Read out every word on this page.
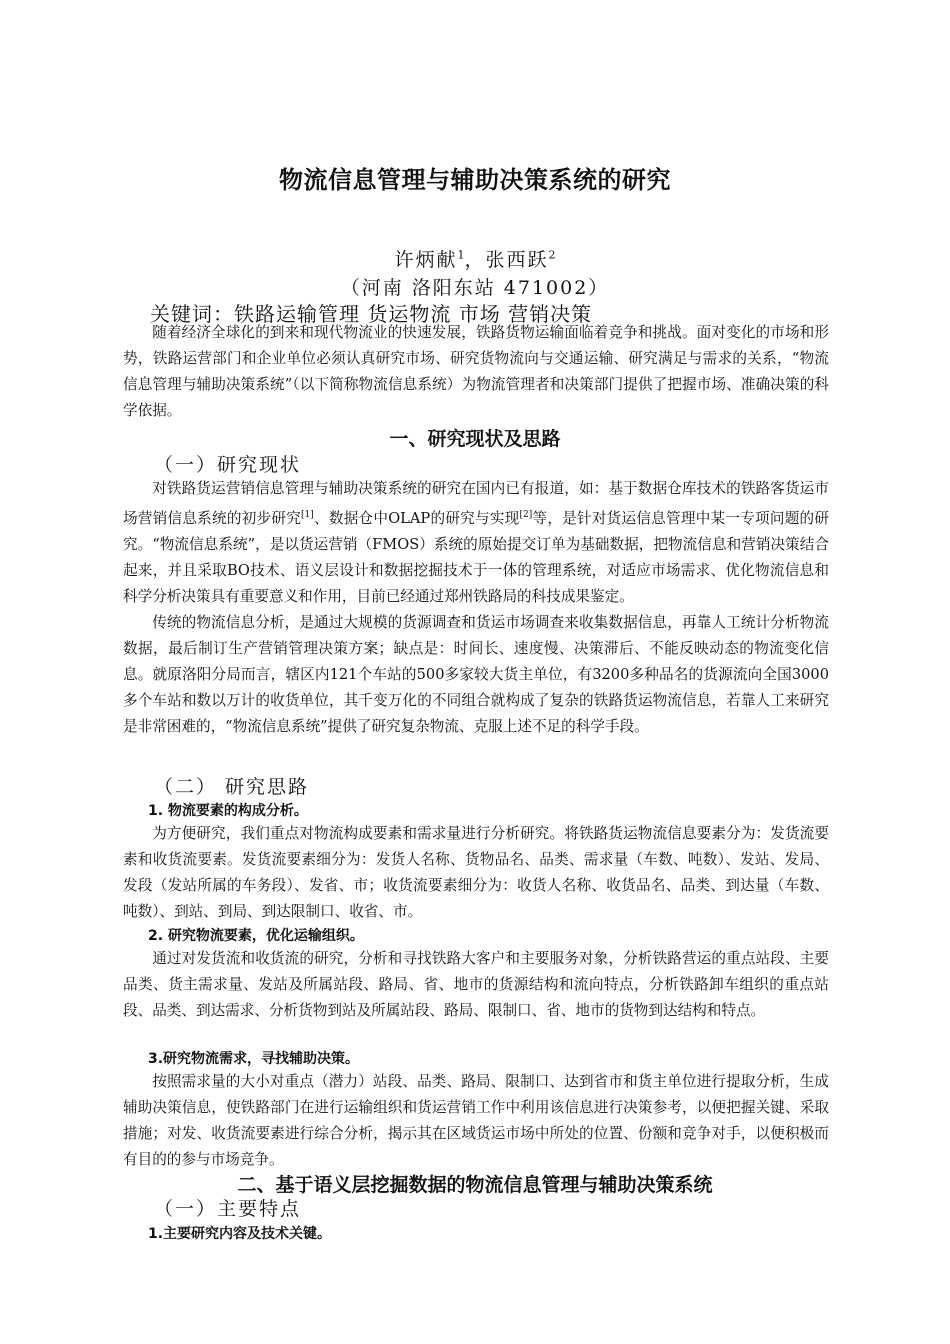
物流信息管理与辅助决策系统的研究
许炳献$^1$，张西跃$^2$
（河南 洛阳东站 471002）
关键词：铁路运输管理 货运物流 市场 营销决策

随着经济全球化的到来和现代物流业的快速发展，铁路货物运输面临着竞争和挑战。面对变化的市场和形势，铁路运营部门和企业单位必须认真研究市场、研究货物流向与交通运输、研究满足与需求的关系，“物流信息管理与辅助决策系统”（以下简称物流信息系统）为物流管理者和决策部门提供了把握市场、准确决策的科学依据。

一、研究现状及思路
（一）研究现状

对铁路货运营销信息管理与辅助决策系统的研究在国内已有报道，如：基于数据仓库技术的铁路客货运市场营销信息系统的初步研究[1]、数据仓中OLAP的研究与实现[2]等，是针对货运信息管理中某一专项问题的研究。“物流信息系统”，是以货运营销（FMOS）系统的原始提交订单为基础数据，把物流信息和营销决策结合起来，并且采取BO技术、语义层设计和数据挖掘技术于一体的管理系统，对适应市场需求、优化物流信息和科学分析决策具有重要意义和作用，目前已经通过郑州铁路局的科技成果鉴定。

传统的物流信息分析，是通过大规模的货源调查和货运市场调查来收集数据信息，再靠人工统计分析物流数据，最后制订生产营销管理决策方案；缺点是：时间长、速度慢、决策滞后、不能反映动态的物流变化信息。就原洛阳分局而言，辖区内121个车站的500多家较大货主单位，有3200多种品名的货源流向全国3000多个车站和数以万计的收货单位，其千变万化的不同组合就构成了复杂的铁路货运物流信息，若靠人工来研究是非常困难的，“物流信息系统”提供了研究复杂物流、克服上述不足的科学手段。

（二） 研究思路
1. 物流要素的构成分析。

为方便研究，我们重点对物流构成要素和需求量进行分析研究。将铁路货运物流信息要素分为：发货流要素和收货流要素。发货流要素细分为：发货人名称、货物品名、品类、需求量（车数、吨数）、发站、发局、发段（发站所属的车务段）、发省、市；收货流要素细分为：收货人名称、收货品名、品类、到达量（车数、吨数）、到站、到局、到达限制口、收省、市。

2. 研究物流要素，优化运输组织。

通过对发货流和收货流的研究，分析和寻找铁路大客户和主要服务对象，分析铁路营运的重点站段、主要品类、货主需求量、发站及所属站段、路局、省、地市的货源结构和流向特点，分析铁路卸车组织的重点站段、品类、到达需求、分析货物到站及所属站段、路局、限制口、省、地市的货物到达结构和特点。

3.研究物流需求，寻找辅助决策。

按照需求量的大小对重点（潜力）站段、品类、路局、限制口、达到省市和货主单位进行提取分析，生成辅助决策信息，使铁路部门在进行运输组织和货运营销工作中利用该信息进行决策参考，以便把握关键、采取措施；对发、收货流要素进行综合分析，揭示其在区域货运市场中所处的位置、份额和竞争对手，以便积极而有目的的参与市场竞争。

二、基于语义层挖掘数据的物流信息管理与辅助决策系统
（一）主要特点
1.主要研究内容及技术关键。
